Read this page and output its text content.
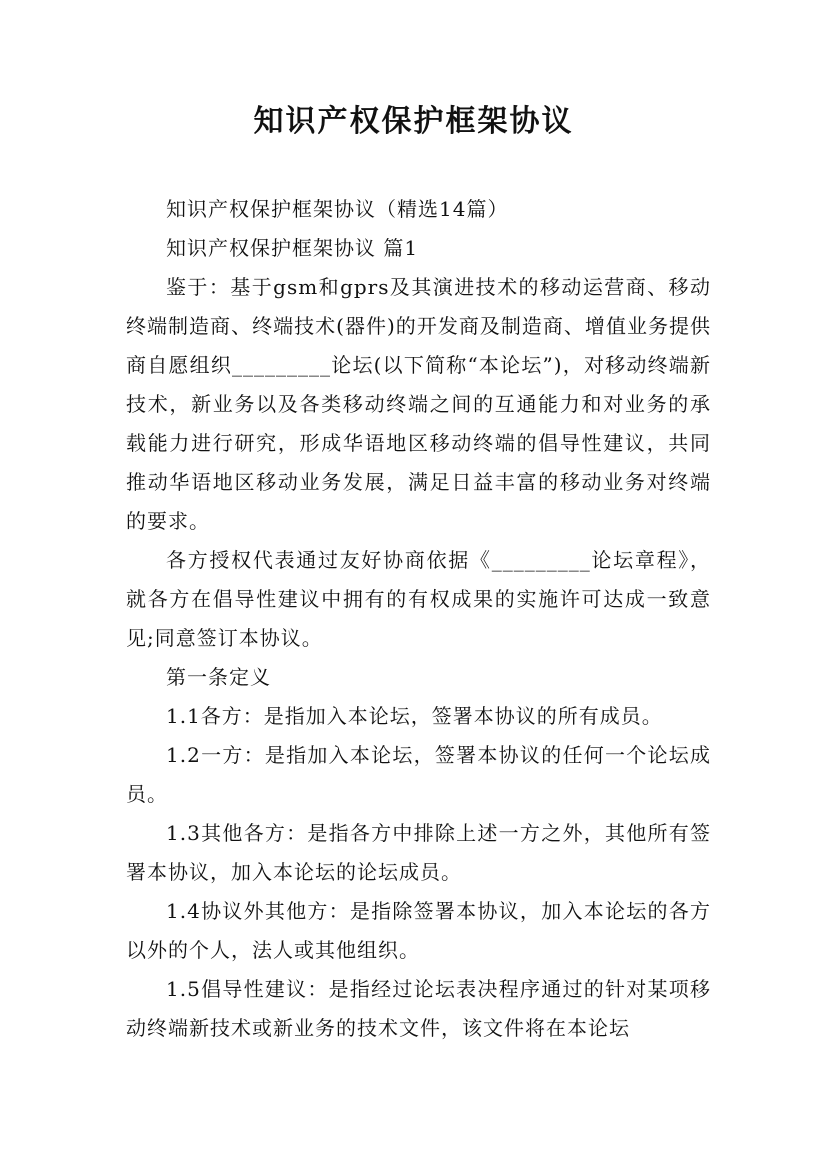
知识产权保护框架协议

知识产权保护框架协议（精选14篇）

知识产权保护框架协议 篇1

鉴于：基于gsm和gprs及其演进技术的移动运营商、移动终端制造商、终端技术(器件)的开发商及制造商、增值业务提供商自愿组织_________论坛(以下简称“本论坛”)，对移动终端新技术，新业务以及各类移动终端之间的互通能力和对业务的承载能力进行研究，形成华语地区移动终端的倡导性建议，共同推动华语地区移动业务发展，满足日益丰富的移动业务对终端的要求。

各方授权代表通过友好协商依据《_________论坛章程》，就各方在倡导性建议中拥有的有权成果的实施许可达成一致意见;同意签订本协议。

第一条定义

1.1各方：是指加入本论坛，签署本协议的所有成员。

1.2一方：是指加入本论坛，签署本协议的任何一个论坛成员。

1.3其他各方：是指各方中排除上述一方之外，其他所有签署本协议，加入本论坛的论坛成员。

1.4协议外其他方：是指除签署本协议，加入本论坛的各方以外的个人，法人或其他组织。

1.5倡导性建议：是指经过论坛表决程序通过的针对某项移动终端新技术或新业务的技术文件，该文件将在本论坛
